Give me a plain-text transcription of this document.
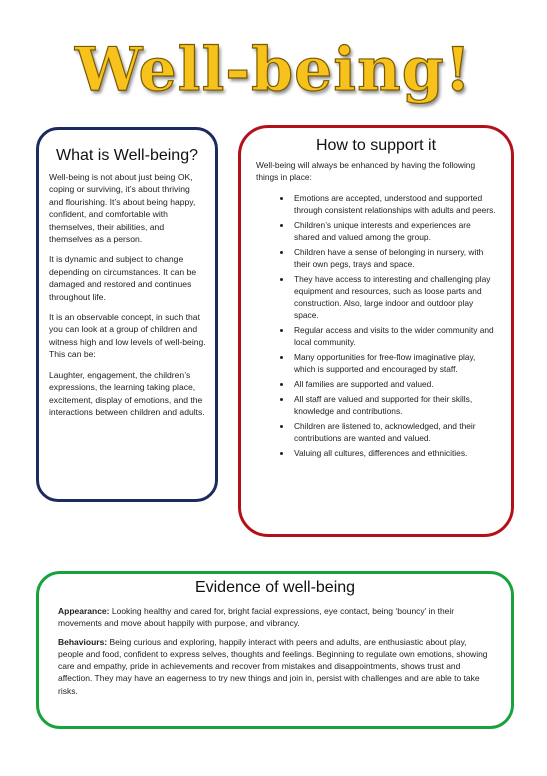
Well-being!
What is Well-being?

Well-being is not about just being OK, coping or surviving, it’s about thriving and flourishing. It’s about being happy, confident, and comfortable with themselves, their abilities, and themselves as a person.

It is dynamic and subject to change depending on circumstances. It can be damaged and restored and continues throughout life.

It is an observable concept, in such that you can look at a group of children and witness high and low levels of well-being. This can be:

Laughter, engagement, the children’s expressions, the learning taking place, excitement, display of emotions, and the interactions between children and adults.

How to support it

Well-being will always be enhanced by having the following things in place:

• Emotions are accepted, understood and supported through consistent relationships with adults and peers.
• Children’s unique interests and experiences are shared and valued among the group.
• Children have a sense of belonging in nursery, with their own pegs, trays and space.
• They have access to interesting and challenging play equipment and resources, such as loose parts and construction. Also, large indoor and outdoor play space.
• Regular access and visits to the wider community and local community.
• Many opportunities for free-flow imaginative play, which is supported and encouraged by staff.
• All families are supported and valued.
• All staff are valued and supported for their skills, knowledge and contributions.
• Children are listened to, acknowledged, and their contributions are wanted and valued.
• Valuing all cultures, differences and ethnicities.
Evidence of well-being

Appearance: Looking healthy and cared for, bright facial expressions, eye contact, being ‘bouncy’ in their movements and move about happily with purpose, and vibrancy.

Behaviours: Being curious and exploring, happily interact with peers and adults, are enthusiastic about play, people and food, confident to express selves, thoughts and feelings. Beginning to regulate own emotions, showing care and empathy, pride in achievements and recover from mistakes and disappointments, shows trust and affection. They may have an eagerness to try new things and join in, persist with challenges and are able to take risks.
